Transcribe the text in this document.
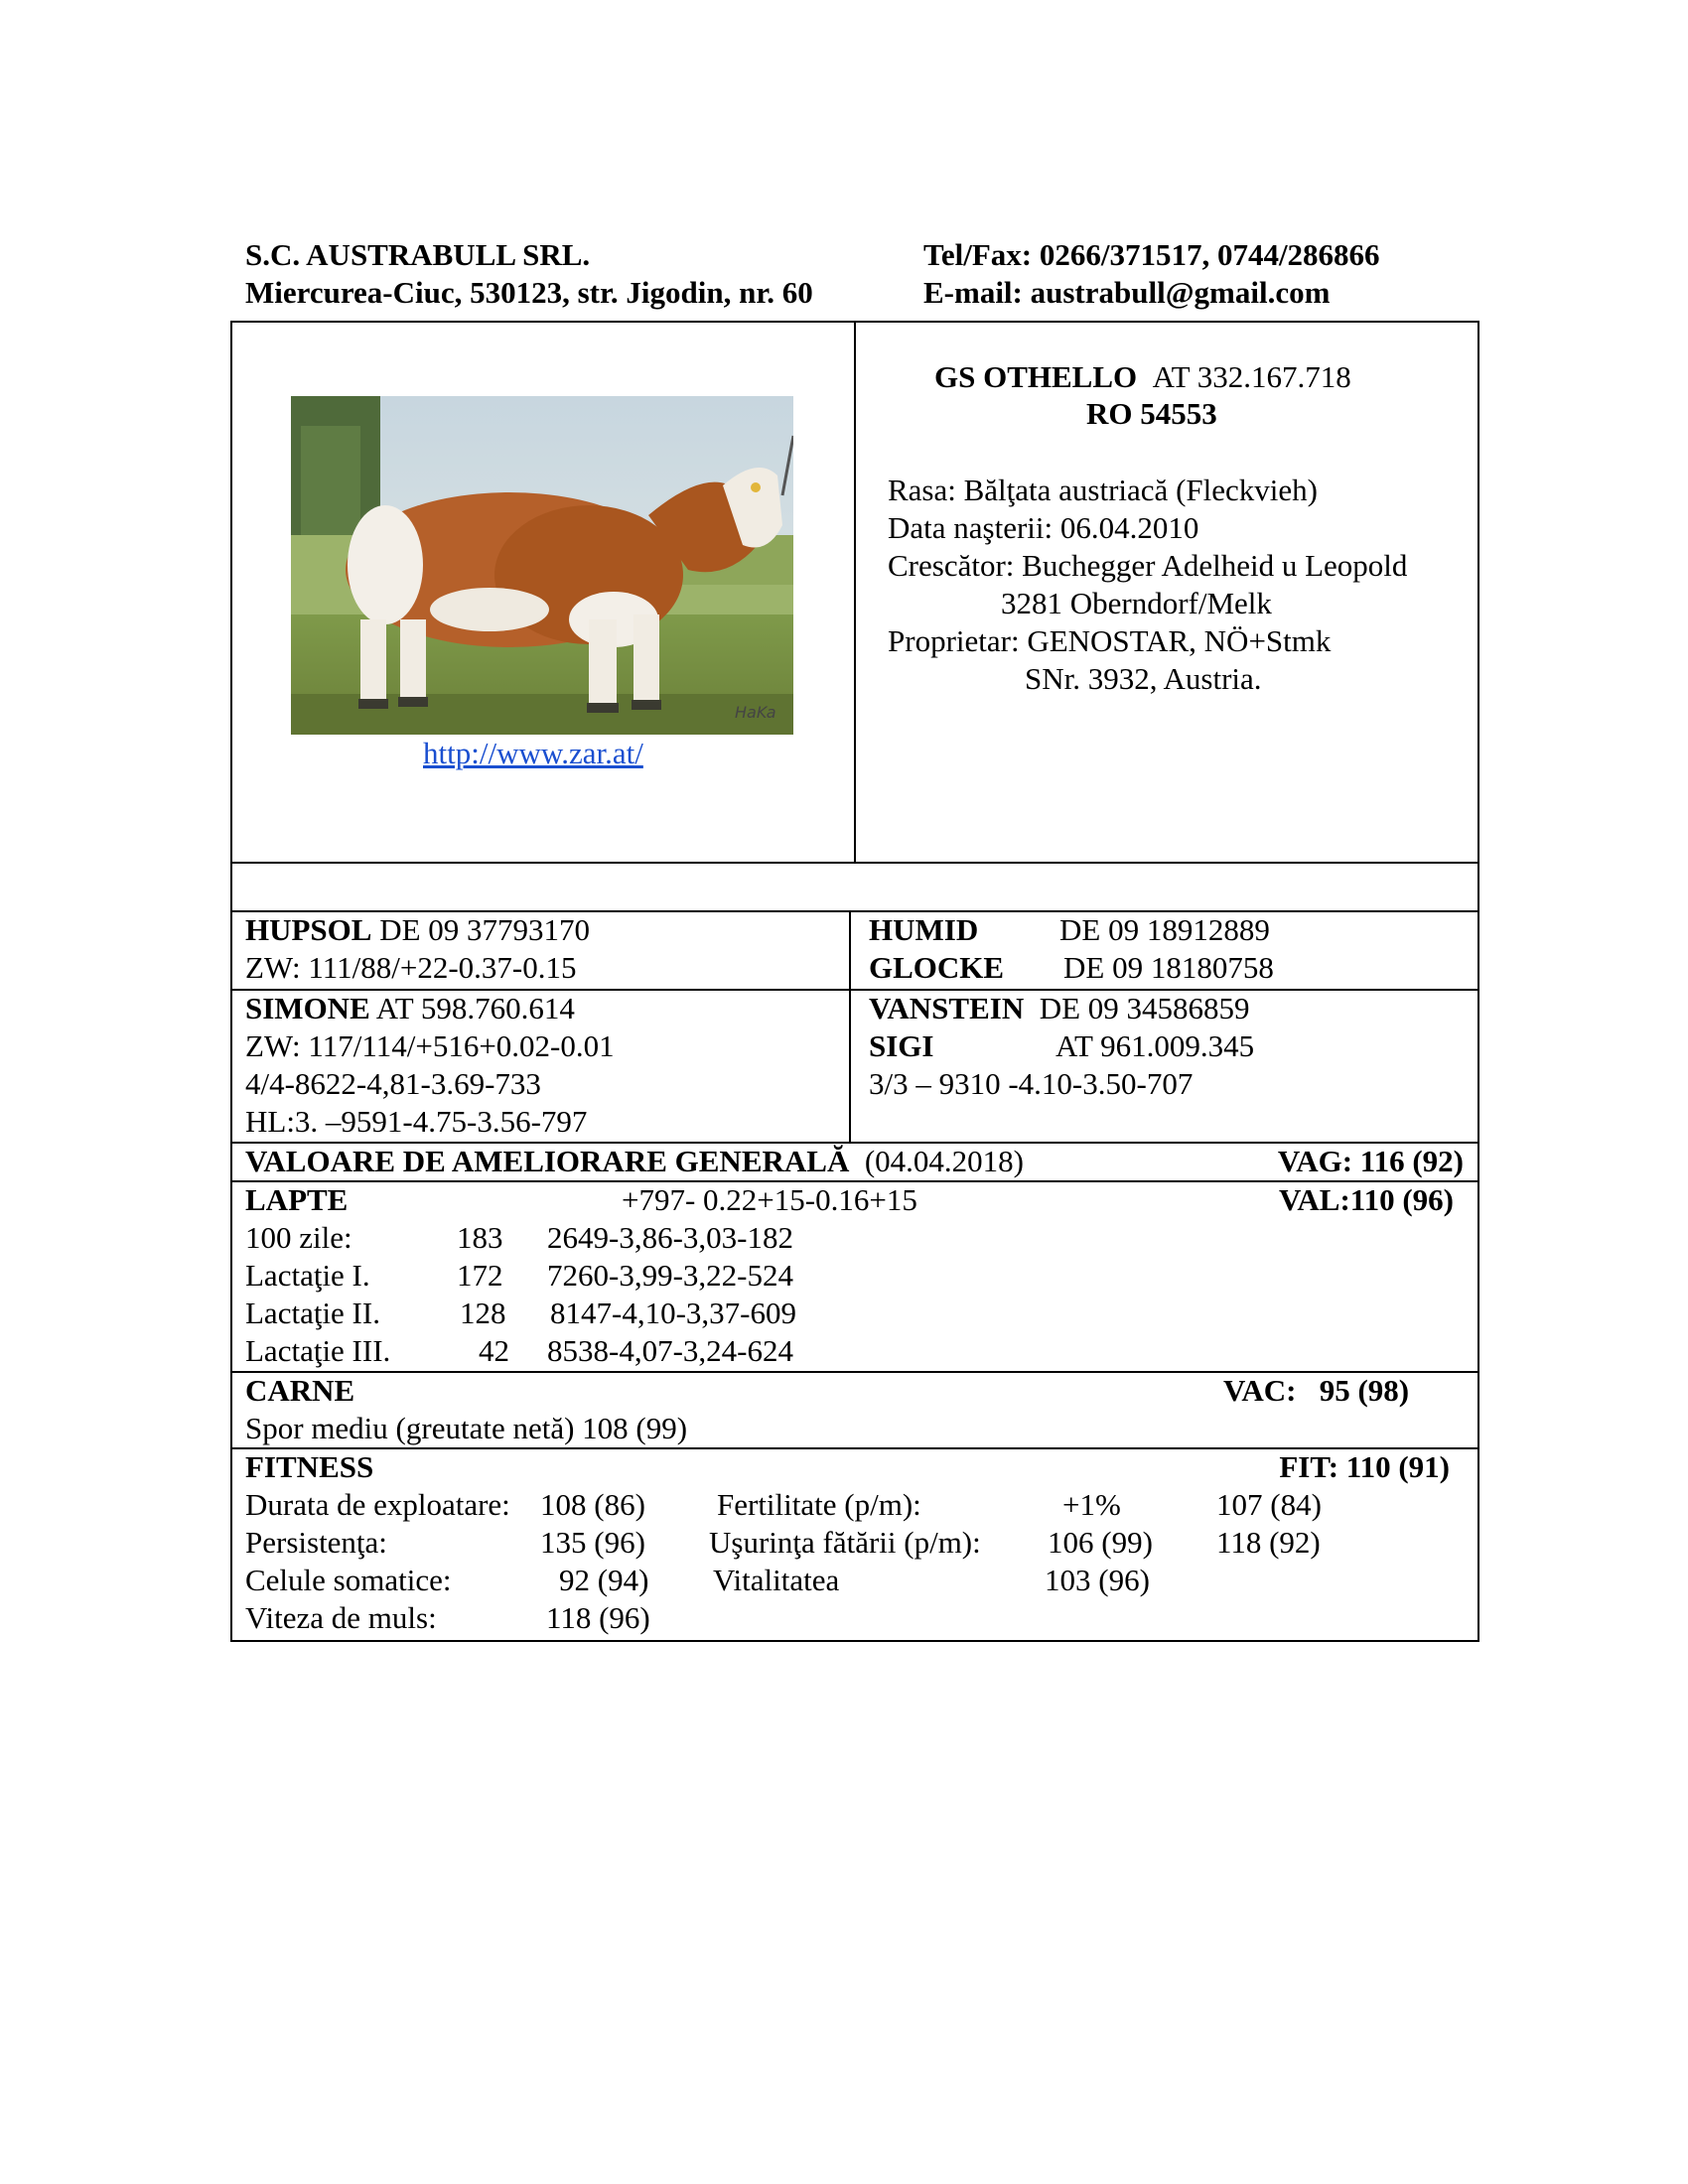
S.C. AUSTRABULL SRL.
Miercurea-Ciuc, 530123, str. Jigodin, nr. 60
Tel/Fax: 0266/371517, 0744/286866
E-mail: austrabull@gmail.com
HaKa
http://www.zar.at/
GS OTHELLO AT 332.167.718
RO 54553
Rasa: Bălţata austriacă (Fleckvieh)
Data naşterii: 06.04.2010
Crescător: Buchegger Adelheid u Leopold
3281 Oberndorf/Melk
Proprietar: GENOSTAR, NÖ+Stmk
SNr. 3932, Austria.
HUPSOL DE 09 37793170
ZW: 111/88/+22-0.37-0.15
HUMID	DE 09 18912889
GLOCKE DE 09 18180758
SIMONE AT 598.760.614
ZW: 117/114/+516+0.02-0.01
4/4-8622-4,81-3.69-733
HL:3. –9591-4.75-3.56-797
VANSTEIN DE 09 34586859
SIGI	AT 961.009.345
3/3 – 9310 -4.10-3.50-707
VALOARE DE AMELIORARE GENERALĂ (04.04.2018)	VAG: 116 (92)
LAPTE	+797- 0.22+15-0.16+15	VAL:110 (96)
100 zile:	183 2649-3,86-3,03-182
Lactaţie I.	172 7260-3,99-3,22-524
Lactaţie II.	128 8147-4,10-3,37-609
Lactaţie III.	42 8538-4,07-3,24-624
CARNE	VAC:   95 (98)
Spor mediu (greutate netă) 108 (99)
FITNESS	FIT: 110 (91)
Durata de exploatare: 108 (86) Fertilitate (p/m):	+1%	107 (84)
Persistenţa:	135 (96) Uşurinţa fătării (p/m): 106 (99) 118 (92)
Celule somatice:	92 (94) Vitalitatea	103 (96)
Viteza de muls:	118 (96)
